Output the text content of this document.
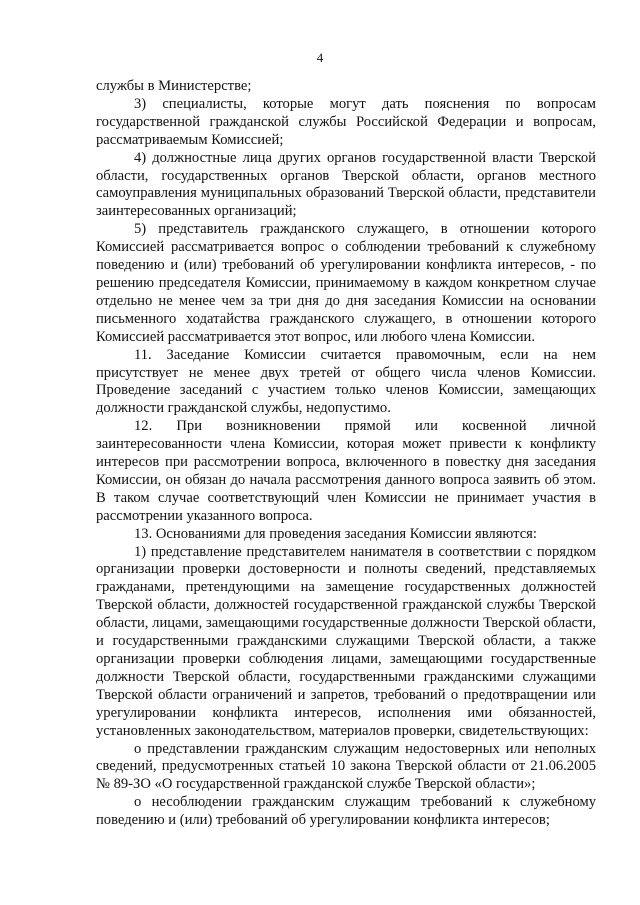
4

службы в Министерстве;

3) специалисты, которые могут дать пояснения по вопросам государственной гражданской службы Российской Федерации и вопросам, рассматриваемым Комиссией;

4) должностные лица других органов государственной власти Тверской области, государственных органов Тверской области, органов местного самоуправления муниципальных образований Тверской области, представители заинтересованных организаций;

5) представитель гражданского служащего, в отношении которого Комиссией рассматривается вопрос о соблюдении требований к служебному поведению и (или) требований об урегулировании конфликта интересов, - по решению председателя Комиссии, принимаемому в каждом конкретном случае отдельно не менее чем за три дня до дня заседания Комиссии на основании письменного ходатайства гражданского служащего, в отношении которого Комиссией рассматривается этот вопрос, или любого члена Комиссии.

11. Заседание Комиссии считается правомочным, если на нем присутствует не менее двух третей от общего числа членов Комиссии. Проведение заседаний с участием только членов Комиссии, замещающих должности гражданской службы, недопустимо.

12. При возникновении прямой или косвенной личной заинтересованности члена Комиссии, которая может привести к конфликту интересов при рассмотрении вопроса, включенного в повестку дня заседания Комиссии, он обязан до начала рассмотрения данного вопроса заявить об этом. В таком случае соответствующий член Комиссии не принимает участия в рассмотрении указанного вопроса.

13. Основаниями для проведения заседания Комиссии являются:

1) представление представителем нанимателя в соответствии с порядком организации проверки достоверности и полноты сведений, представляемых гражданами, претендующими на замещение государственных должностей Тверской области, должностей государственной гражданской службы Тверской области, лицами, замещающими государственные должности Тверской области, и государственными гражданскими служащими Тверской области, а также организации проверки соблюдения лицами, замещающими государственные должности Тверской области, государственными гражданскими служащими Тверской области ограничений и запретов, требований о предотвращении или урегулировании конфликта интересов, исполнения ими обязанностей, установленных законодательством, материалов проверки, свидетельствующих:

о представлении гражданским служащим недостоверных или неполных сведений, предусмотренных статьей 10 закона Тверской области от 21.06.2005 № 89-ЗО «О государственной гражданской службе Тверской области»;

о несоблюдении гражданским служащим требований к служебному поведению и (или) требований об урегулировании конфликта интересов;
